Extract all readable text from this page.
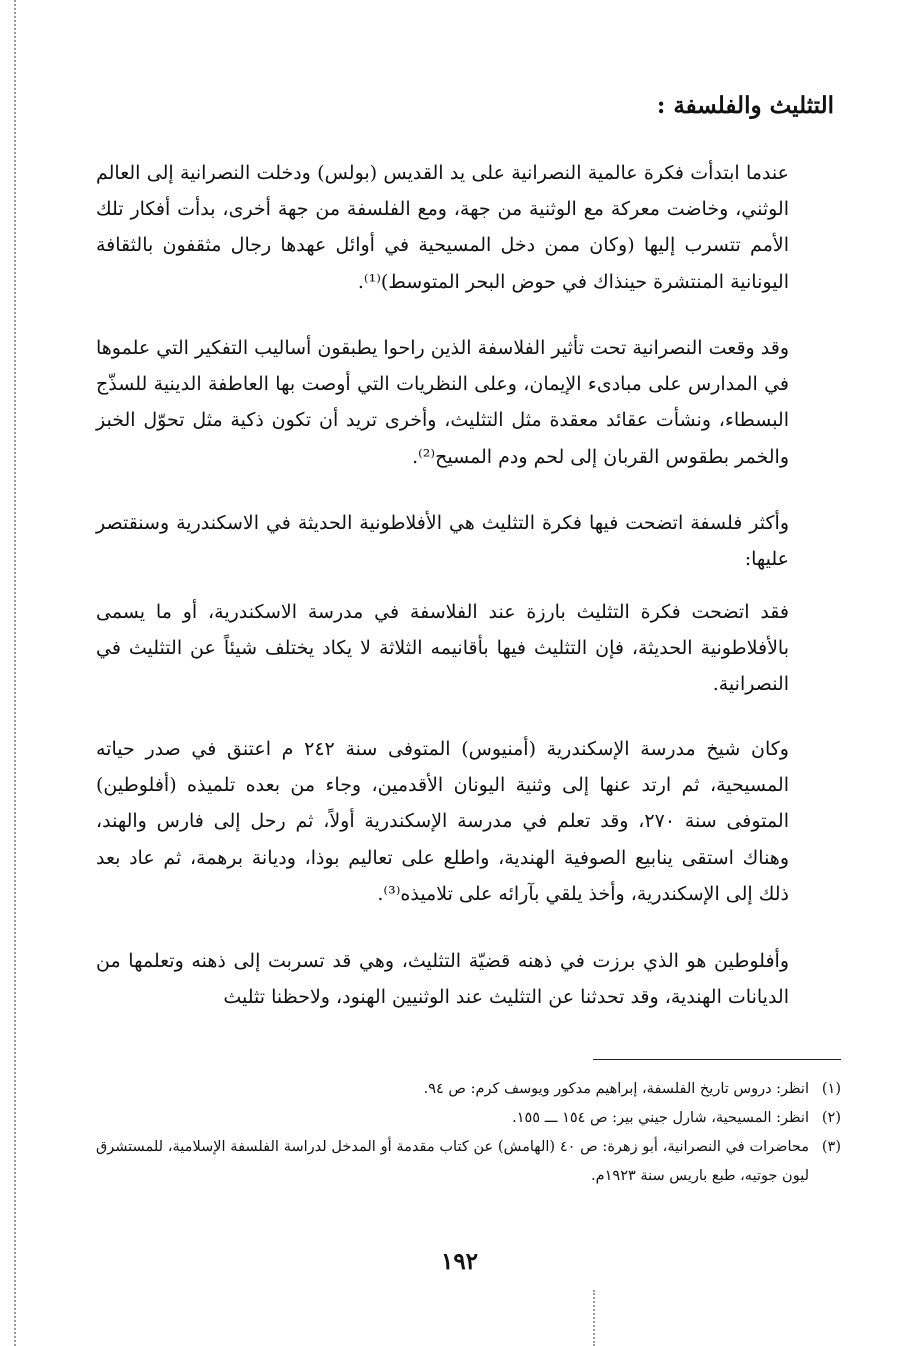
التثليث والفلسفة :
عندما ابتدأت فكرة عالمية النصرانية على يد القديس (بولس) ودخلت النصرانية إلى العالم الوثني، وخاضت معركة مع الوثنية من جهة، ومع الفلسفة من جهة أخرى، بدأت أفكار تلك الأمم تتسرب إليها (وكان ممن دخل المسيحية في أوائل عهدها رجال مثقفون بالثقافة اليونانية المنتشرة حينذاك في حوض البحر المتوسط)⁽¹⁾.
وقد وقعت النصرانية تحت تأثير الفلاسفة الذين راحوا يطبقون أساليب التفكير التي علموها في المدارس على مبادىء الإيمان، وعلى النظريات التي أوصت بها العاطفة الدينية للسذّج البسطاء، ونشأت عقائد معقدة مثل التثليث، وأخرى تريد أن تكون ذكية مثل تحوّل الخبز والخمر بطقوس القربان إلى لحم ودم المسيح⁽²⁾.
وأكثر فلسفة اتضحت فيها فكرة التثليث هي الأفلاطونية الحديثة في الاسكندرية وسنقتصر عليها:
فقد اتضحت فكرة التثليث بارزة عند الفلاسفة في مدرسة الاسكندرية، أو ما يسمى بالأفلاطونية الحديثة، فإن التثليث فيها بأقانيمه الثلاثة لا يكاد يختلف شيئاً عن التثليث في النصرانية.
وكان شيخ مدرسة الإسكندرية (أمنيوس) المتوفى سنة ٢٤٢ م اعتنق في صدر حياته المسيحية، ثم ارتد عنها إلى وثنية اليونان الأقدمين، وجاء من بعده تلميذه (أفلوطين) المتوفى سنة ٢٧٠، وقد تعلم في مدرسة الإسكندرية أولاً، ثم رحل إلى فارس والهند، وهناك استقى ينابيع الصوفية الهندية، واطلع على تعاليم بوذا، وديانة برهمة، ثم عاد بعد ذلك إلى الإسكندرية، وأخذ يلقي بآرائه على تلاميذه⁽³⁾.
وأفلوطين هو الذي برزت في ذهنه قضيّة التثليث، وهي قد تسربت إلى ذهنه وتعلمها من الديانات الهندية، وقد تحدثنا عن التثليث عند الوثنيين الهنود، ولاحظنا تثليث
(١)
انظر: دروس تاريخ الفلسفة، إبراهيم مدكور ويوسف كرم: ص ٩٤.
(٢)
انظر: المسيحية، شارل جيني بير: ص ١٥٤ ـــ ١٥٥.
(٣)
محاضرات في النصرانية، أبو زهرة: ص ٤٠ (الهامش) عن كتاب مقدمة أو المدخل لدراسة الفلسفة الإسلامية، للمستشرق ليون جوتيه، طبع باريس سنة ١٩٢٣م.
١٩٢
